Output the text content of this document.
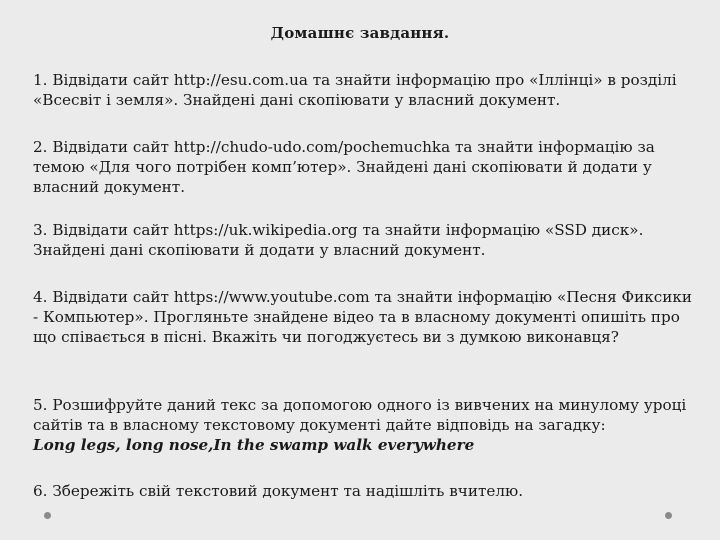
Домашнє завдання.

1. Відвідати сайт http://esu.com.ua та знайти інформацію про «Іллінці» в розділі «Всесвіт і земля». Знайдені дані скопіювати у власний документ.

2. Відвідати сайт http://chudo-udo.com/pochemuchka та знайти інформацію за темою «Для чого потрібен комп’ютер». Знайдені дані скопіювати й додати у власний документ.

3. Відвідати сайт https://uk.wikipedia.org та знайти інформацію «SSD диск». Знайдені дані скопіювати й додати у власний документ.

4. Відвідати сайт https://www.youtube.com та знайти інформацію «Песня Фиксики - Компьютер». Прогляньте знайдене відео та в власному документі опишіть про що співається в пісні. Вкажіть чи погоджуєтесь ви з думкою виконавця?

5. Розшифруйте даний текс за допомогою одного із вивчених на минулому уроці сайтів та в власному текстовому документі дайте відповідь на загадку:

Long legs, long nose,In the swamp walk everywhere

6. Збережіть свій текстовий документ та надішліть вчителю.
